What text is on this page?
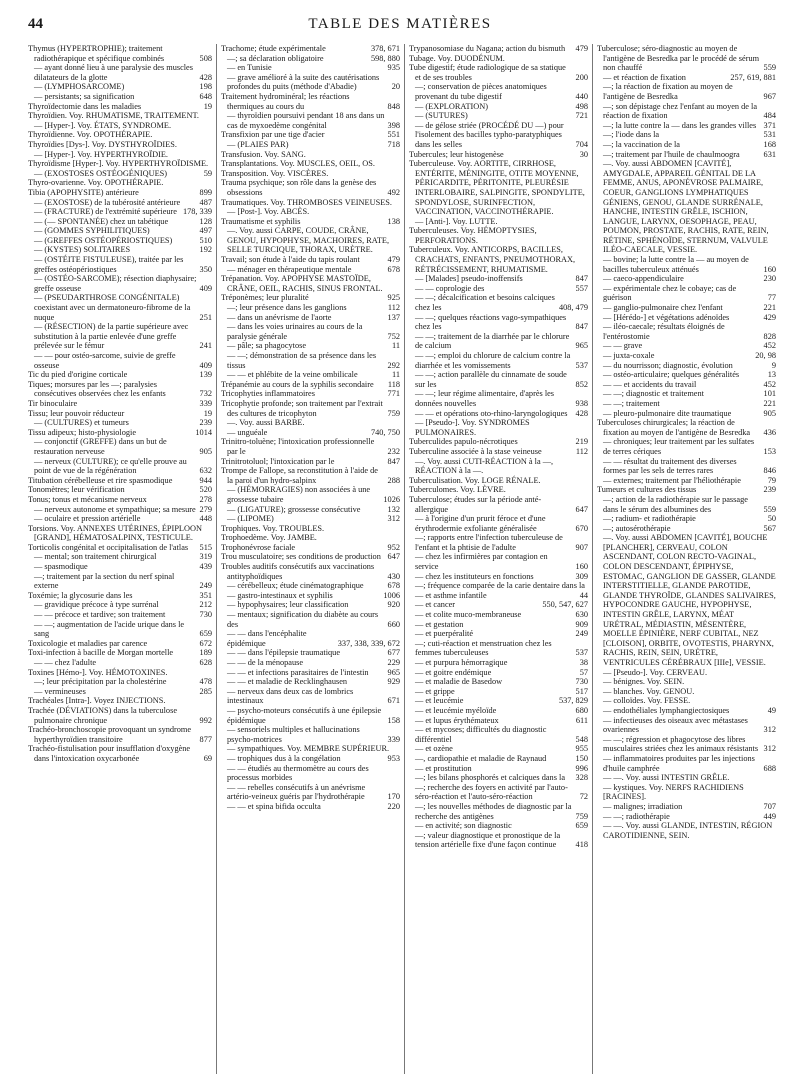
44	TABLE DES MATIÈRES
Thymus (HYPERTROPHIE); traitement radiothérapique et spécifique combinés	508
— ayant donné lieu à une paralysie des muscles dilatateurs de la glotte	428
— (LYMPHOSARCOME)	198
— persistants; sa signification	648
Thyroïdectomie dans les maladies	19
Thyroïdien. Voy. RHUMATISME, TRAITEMENT.
— [Hyper-]. Voy. ÉTATS, SYNDROME.
Thyroïdienne. Voy. OPOTHÉRAPIE.
Thyroïdies [Dys-]. Voy. DYSTHYROÏDIES.
— [Hyper-]. Voy. HYPERTHYROÏDIE.
Thyroïdisme [Hyper-]. Voy. HYPERTHYROÏDISME.
— (EXOSTOSES OSTÉOGÉNIQUES)	59
Thyro-ovarienne. Voy. OPOTHÉRAPIE.
Tibia (APOPHYSITE) antérieure	899
— (EXOSTOSE) de la tubérosité antérieure	487
— (FRACTURE) de l'extrémité supérieure 178, 339
— (— SPONTANÉE) chez un tabétique	128
— (GOMMES SYPHILITIQUES)	497
— (GREFFES OSTÉOPÉRIOSTIQUES)	510
— (KYSTES) SOLITAIRES	192
— (OSTÉITE FISTULEUSE), traitée par les greffes ostéopériostiques	350
— (OSTÉO-SARCOME); résection diaphysaire; greffe osseuse	409
— (PSEUDARTHROSE CONGÉNITALE) coexistant avec un dermatoneuro-fibrome de la nuque	251
— (RÉSECTION) de la partie supérieure avec substitution à la partie enlevée d'une greffe prélevée sur le fémur	241
— — pour ostéo-sarcome, suivie de greffe osseuse	409
Tic du pied d'origine corticale	139
Tiques; morsures par les —; paralysies consécutives observées chez les enfants	732
Tir binoculaire	339
Tissu; leur pouvoir réducteur	19
— (CULTURES) et tumeurs	239
Tissu adipeux; histo-physiologie	1014
— conjonctif (GREFFE) dans un but de restauration nerveuse	905
— nerveux (CULTURE); ce qu'elle prouve au point de vue de la régénération	632
Titubation cérébelleuse et rire spasmodique	944
Tonomètres; leur vérification	520
Tonus; tonus et mécanisme nerveux	278
— nerveux autonome et sympathique; sa mesure 279
— oculaire et pression artérielle	448
Torsions. Voy. ANNEXES UTÉRINES, ÉPIPLOON [GRAND], HÉMATOSALPINX, TESTICULE.
Torticolis congénital et occipitalisation de l'atlas	515
— mental; son traitement chirurgical	319
— spasmodique	439
—; traitement par la section du nerf spinal externe	249
Toxémie; la glycosurie dans les	351
— gravidique précoce à type surrénal	212
— — précoce et tardive; son traitement	730
— —; augmentation de l'acide urique dans le sang	659
Toxicologie et maladies par carence	672
Toxi-infection à bacille de Morgan mortelle	189
— — chez l'adulte	628
Toxines [Hémo-]. Voy. HÉMOTOXINES.
—; leur précipitation par la cholestérine	478
— vermineuses	285
Trachéales [Intra-]. Voyez INJECTIONS.
Trachée (DÉVIATIONS) dans la tuberculose pulmonaire chronique	992
Trachéo-bronchoscopie provoquant un syndrome hyperthyroïdien transitoire	877
Trachéo-fistulisation pour insufflation d'oxygène dans l'intoxication oxycarbonée	69
Trachome; étude expérimentale	378, 671
—; sa déclaration obligatoire	598, 880
— en Tunisie	935
— grave amélioré à la suite des cautérisations profondes du puits (méthode d'Abadie)	20
Traitement hydrominéral; les réactions thermiques au cours du	848
— thyroïdien poursuivi pendant 18 ans dans un cas de myxoedème congénital	398
Transfixion par une tige d'acier	551
— (PLAIES PAR)	718
Transfusion. Voy. SANG.
Transplantations. Voy. MUSCLES, OEIL, OS.
Transposition. Voy. VISCÈRES.
Trauma psychique; son rôle dans la genèse des obsessions	492
Traumatiques. Voy. THROMBOSES VEINEUSES.
— [Post-]. Voy. ABCÈS.
Traumatisme et syphilis	138
—. Voy. aussi CARPE, COUDE, CRÂNE, GENOU, HYPOPHYSE, MACHOIRES, RATE, SELLE TURCIQUE, THORAX, URÈTRE.
Travail; son étude à l'aide du tapis roulant	479
— ménager en thérapeutique mentale	678
Trépanation. Voy. APOPHYSE MASTOÏDE, CRÂNE, OEIL, RACHIS, SINUS FRONTAL.
Tréponèmes; leur pluralité	925
—; leur présence dans les ganglions	112
— dans un anévrisme de l'aorte	137
— dans les voies urinaires au cours de la paralysie générale	752
— pâle; sa phagocytose	11
— —; démonstration de sa présence dans les tissus	292
— — et phlébite de la veine ombilicale	11
Trépanémie au cours de la syphilis secondaire	118
Tricophyties inflammatoires	771
Tricophytie profonde; son traitement par l'extrait des cultures de tricophyton	759
—. Voy. aussi BARBE.
— unguéale	740, 750
Trinitro-toluène; l'intoxication professionnelle par le	232
Trinitrotoluol; l'intoxication par le	847
Trompe de Fallope, sa reconstitution à l'aide de la paroi d'un hydro-salpinx	288
— (HÉMORRAGIES) non associées à une grossesse tubaire	1026
— (LIGATURE); grossesse consécutive	132
— (LIPOME)	312
Trophiques. Voy. TROUBLES.
Trophoedème. Voy. JAMBE.
Trophonévrose faciale	952
Trou musculatoire; ses conditions de production 647
Troubles auditifs consécutifs aux vaccinations antityphoïdiques	430
— cérébelleux; étude cinématographique	678
— gastro-intestinaux et syphilis	1006
— hypophysaires; leur classification	920
— mentaux; signification du diabète au cours des	660
— — dans l'encéphalite épidémique	337, 338, 339, 672
— — dans l'épilepsie traumatique	677
— — de la ménopause	229
— — et infections parasitaires de l'intestin	965
— — et maladie de Recklinghausen	929
— nerveux dans deux cas de lombrics intestinaux	671
— psycho-moteurs consécutifs à une épilepsie épidémique	158
— sensoriels multiples et hallucinations psycho-motrices	339
— sympathiques. Voy. MEMBRE SUPÉRIEUR.
— trophiques dus à la congélation	953
— — étudiés au thermomètre au cours des processus morbides
— — rebelles consécutifs à un anévrisme artério-veineux guéris par l'hydrothérapie	170
— — et spina bifida occulta	220
Trypanosomiase du Nagana; action du bismuth	479
Tubage. Voy. DUODÉNUM.
Tube digestif; étude radiologique de sa statique et de ses troubles	200
—; conservation de pièces anatomiques provenant du tube digestif	440
— (EXPLORATION)	498
— (SUTURES)	721
— de gélose striée (PROCÉDÉ DU —) pour l'isolement des bacilles typho-paratyphiques dans les selles	704
Tubercules; leur histogenèse	30
Tuberculeuse. Voy. AORTITE, CIRRHOSE, ENTÉRITE, MÉNINGITE, OTITE MOYENNE, PÉRICARDITE, PÉRITONITE, PLEURÉSIE INTERLOBAIRE, SALPINGITE, SPONDYLITE, SPONDYLOSE, SURINFECTION, VACCINATION, VACCINOTHÉRAPIE.
— [Anti-]. Voy. LUTTE.
Tuberculeuses. Voy. HÉMOPTYSIES, PERFORATIONS.
Tuberculeux. Voy. ANTICORPS, BACILLES, CRACHATS, ENFANTS, PNEUMOTHORAX, RÉTRÉCISSEMENT, RHUMATISME.
— [Malades] pseudo-inoffensifs	847
— — coprologie des	557
— —; décalcification et besoins calciques chez les	408, 479
— —; quelques réactions vago-sympathiques chez les	847
— —; traitement de la diarrhée par le chlorure de calcium	965
— —; emploi du chlorure de calcium contre la diarrhée et les vomissements	537
— —; action parallèle du cinnamate de soude sur les	852
— —; leur régime alimentaire, d'après les données nouvelles	938
— — et opérations oto-rhino-laryngologiques 428
— [Pseudo-]. Voy. SYNDROMES PULMONAIRES.
Tuberculides papulo-nécrotiques	219
Tuberculine associée à la stase veineuse	112
—. Voy. aussi CUTI-RÉACTION à la —, RÉACTION à la —.
Tuberculisation. Voy. LOGE RÉNALE.
Tuberculomes. Voy. LÈVRE.
Tuberculose; études sur la période anté-allergique	647
— à l'origine d'un prurit féroce et d'une érythrodermie exfoliante généralisée	670
—; rapports entre l'infection tuberculeuse de l'enfant et la phtisie de l'adulte	907
— chez les infirmières par contagion en service	160
— chez les instituteurs en fonctions	309
—; fréquence comparée de la carie dentaire dans la
— et asthme infantile	44
— et cancer	550, 547, 627
— et colite muco-membraneuse	630
— et gestation	909
— et puerpéralité	249
—; cuti-réaction et menstruation chez les femmes tuberculeuses	537
— et purpura hémorragique	38
— et goitre endémique	57
— et maladie de Basedow	730
— et grippe	517
— et leucémie	537, 829
— et leucémie myéloïde	680
— et lupus érythémateux	611
— et mycoses; difficultés du diagnostic différentiel	548
— et ozène	955
—, cardiopathie et maladie de Raynaud	150
— et prostitution	996
—; les bilans phosphorés et calciques dans la	328
—; recherche des foyers en activité par l'auto-séro-réaction et l'auto-séro-réaction	72
—; les nouvelles méthodes de diagnostic par la recherche des antigènes	759
— en activité; son diagnostic	659
—; valeur diagnostique et pronostique de la tension artérielle fixe d'une façon continue	418
Tuberculose; séro-diagnostic au moyen de l'antigène de Besredka par le procédé de sérum non chauffé	559
— et réaction de fixation	257, 619, 881
—; la réaction de fixation au moyen de l'antigène de Besredka	967
—; son dépistage chez l'enfant au moyen de la réaction de fixation	484
—; la lutte contre la — dans les grandes villes 371
—; l'iode dans la	531
—; la vaccination de la	168
—; traitement par l'huile de chaulmoogra	631
—. Voy. aussi ABDOMEN [CAVITÉ], AMYGDALE, APPAREIL GÉNITAL DE LA FEMME, ANUS, APONÉVROSE PALMAIRE, COEUR, GANGLIONS LYMPHATIQUES GÉNIENS, GENOU, GLANDE SURRÉNALE, HANCHE, INTESTIN GRÊLE, ISCHION, LANGUE, LARYNX, OESOPHAGE, PEAU, POUMON, PROSTATE, RACHIS, RATE, REIN, RÉTINE, SPHÉNOÏDE, STERNUM, VALVULE ILÉO-CAECALE, VESSIE.
— bovine; la lutte contre la — au moyen de bacilles tuberculeux atténués	160
— caeco-appendiculaire	230
— expérimentale chez le cobaye; cas de guérison	77
— ganglio-pulmonaire chez l'enfant	221
— [Hérédo-] et végétations adénoïdes	429
— iléo-caecale; résultats éloignés de l'entérostomie	828
— — grave	452
— juxta-coxale	20, 98
— du nourrisson; diagnostic, évolution	9
— ostéo-articulaire; quelques généralités	13
— — et accidents du travail	452
— —; diagnostic et traitement	101
— —; traitement	221
— pleuro-pulmonaire dite traumatique	905
Tuberculoses chirurgicales; la réaction de fixation au moyen de l'antigène de Besredka	436
— chroniques; leur traitement par les sulfates de terres cériques	153
— — résultat du traitement des diverses formes par les sels de terres rares	846
— externes; traitement par l'héliothérapie	79
Tumeurs et cultures des tissus	239
—; action de la radiothérapie sur le passage dans le sérum des albumines des	559
—; radium- et radiothérapie	50
—; autosérothérapie	567
—. Voy. aussi ABDOMEN [CAVITÉ], BOUCHE [PLANCHER], CERVEAU, COLON ASCENDANT, COLON RECTO-VAGINAL, COLON DESCENDANT, ÉPIPHYSE, ESTOMAC, GANGLION DE GASSER, GLANDE INTERSTITIELLE, GLANDE PAROTIDE, GLANDE THYROÏDE, GLANDES SALIVAIRES, HYPOCONDRE GAUCHE, HYPOPHYSE, INTESTIN GRÊLE, LARYNX, MÉAT URÉTRAL, MÉDIASTIN, MÉSENTÈRE, MOELLE ÉPINIÈRE, NERF CUBITAL, NEZ [CLOISON], ORBITE, OVOTESTIS, PHARYNX, RACHIS, REIN, SEIN, URÈTRE, VENTRICULES CÉRÉBRAUX [IIIe], VESSIE.
— [Pseudo-]. Voy. CERVEAU.
— bénignes. Voy. SEIN.
— blanches. Voy. GENOU.
— colloïdes. Voy. FESSE.
— endothéliales lymphangiectosiques	49
— infectieuses des oiseaux avec métastases ovariennes	312
— —; régression et phagocytose des libres musculaires striées chez les animaux résistants 312
— inflammatoires produites par les injections d'huile camphrée	688
— —. Voy. aussi INTESTIN GRÊLE.
— kystiques. Voy. NERFS RACHIDIENS [RACINES].
— malignes; irradiation	707
— —; radiothérapie	449
— —. Voy. aussi GLANDE, INTESTIN, RÉGION CAROTIDIENNE, SEIN.
